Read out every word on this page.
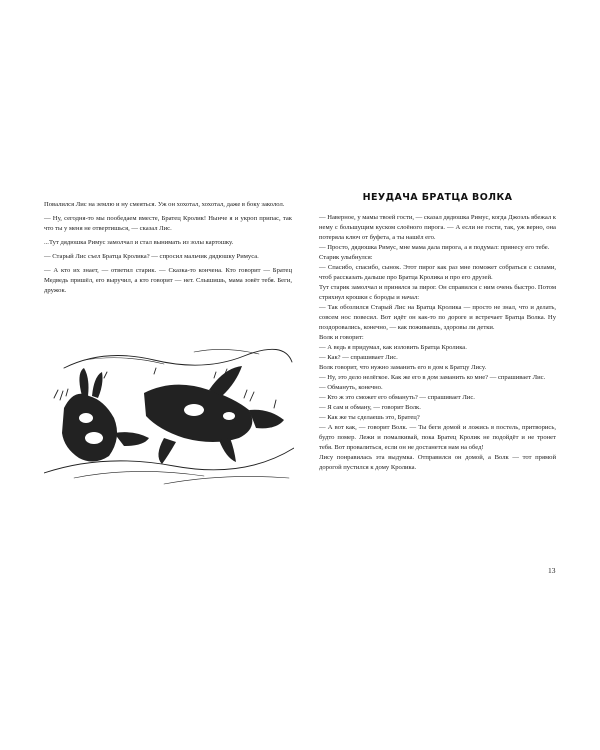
Повалился Лис на землю и ну смеяться. Уж он хохотал, хохотал, даже в боку заколол.

— Ну, сегодня-то мы пообедаем вместе, Братец Кролик! Нынче я и укроп припас, так что ты у меня не отвертишься, — сказал Лис.

...Тут дядюшка Римус замолчал и стал вынимать из золы картошку.

— Старый Лис съел Братца Кролика? — спросил мальчик дядюшку Римуса.

— А кто их знает, — ответил старик. — Сказка-то кончена. Кто говорит — Братец Медведь пришёл, его выручил, а кто говорит — нет. Слышишь, мама зовёт тебя. Беги, дружок.

НЕУДАЧА БРАТЦА ВОЛКА

— Наверное, у мамы твоей гости, — сказал дядюшка Римус, когда Джоэль вбежал к нему с большущим куском слоёного пирога. — А если не гости, так, уж верно, она потеряла ключ от буфета, а ты нашёл его.

— Просто, дядюшка Римус, мне мама дала пирога, а я подумал: принесу его тебе.

Старик улыбнулся:

— Спасибо, спасибо, сынок. Этот пирог как раз мне поможет собраться с силами, чтоб рассказать дальше про Братца Кролика и про его друзей.

Тут старик замолчал и принялся за пирог. Он справился с ним очень быстро. Потом стряхнул крошки с бороды и начал:

— Так обозлился Старый Лис на Братца Кролика — просто не знал, что и делать, совсем нос повесил. Вот идёт он как-то по дороге и встречает Братца Волка. Ну поздоровались, конечно, — как поживаешь, здоровы ли детки.

Волк и говорит:

— А ведь я придумал, как изловить Братца Кролика.

— Как? — спрашивает Лис.

Волк говорит, что нужно заманить его в дом к Братцу Лису.

— Ну, это дело нелёгкое. Как же его в дом заманить ко мне? — спрашивает Лис.

— Обмануть, конечно.

— Кто ж это сможет его обмануть? — спрашивает Лис.

— Я сам и обману, — говорит Волк.

— Как же ты сделаешь это, Братец?

— А вот как, — говорит Волк. — Ты беги домой и ложись в постель, притворись, будто помер. Лежи и помалкивай, пока Братец Кролик не подойдёт и не тронет тебя. Вот провалиться, если он не достанется нам на обед!

Лису понравилась эта выдумка. Отправился он домой, а Волк — тот прямой дорогой пустился к дому Кролика.

13
